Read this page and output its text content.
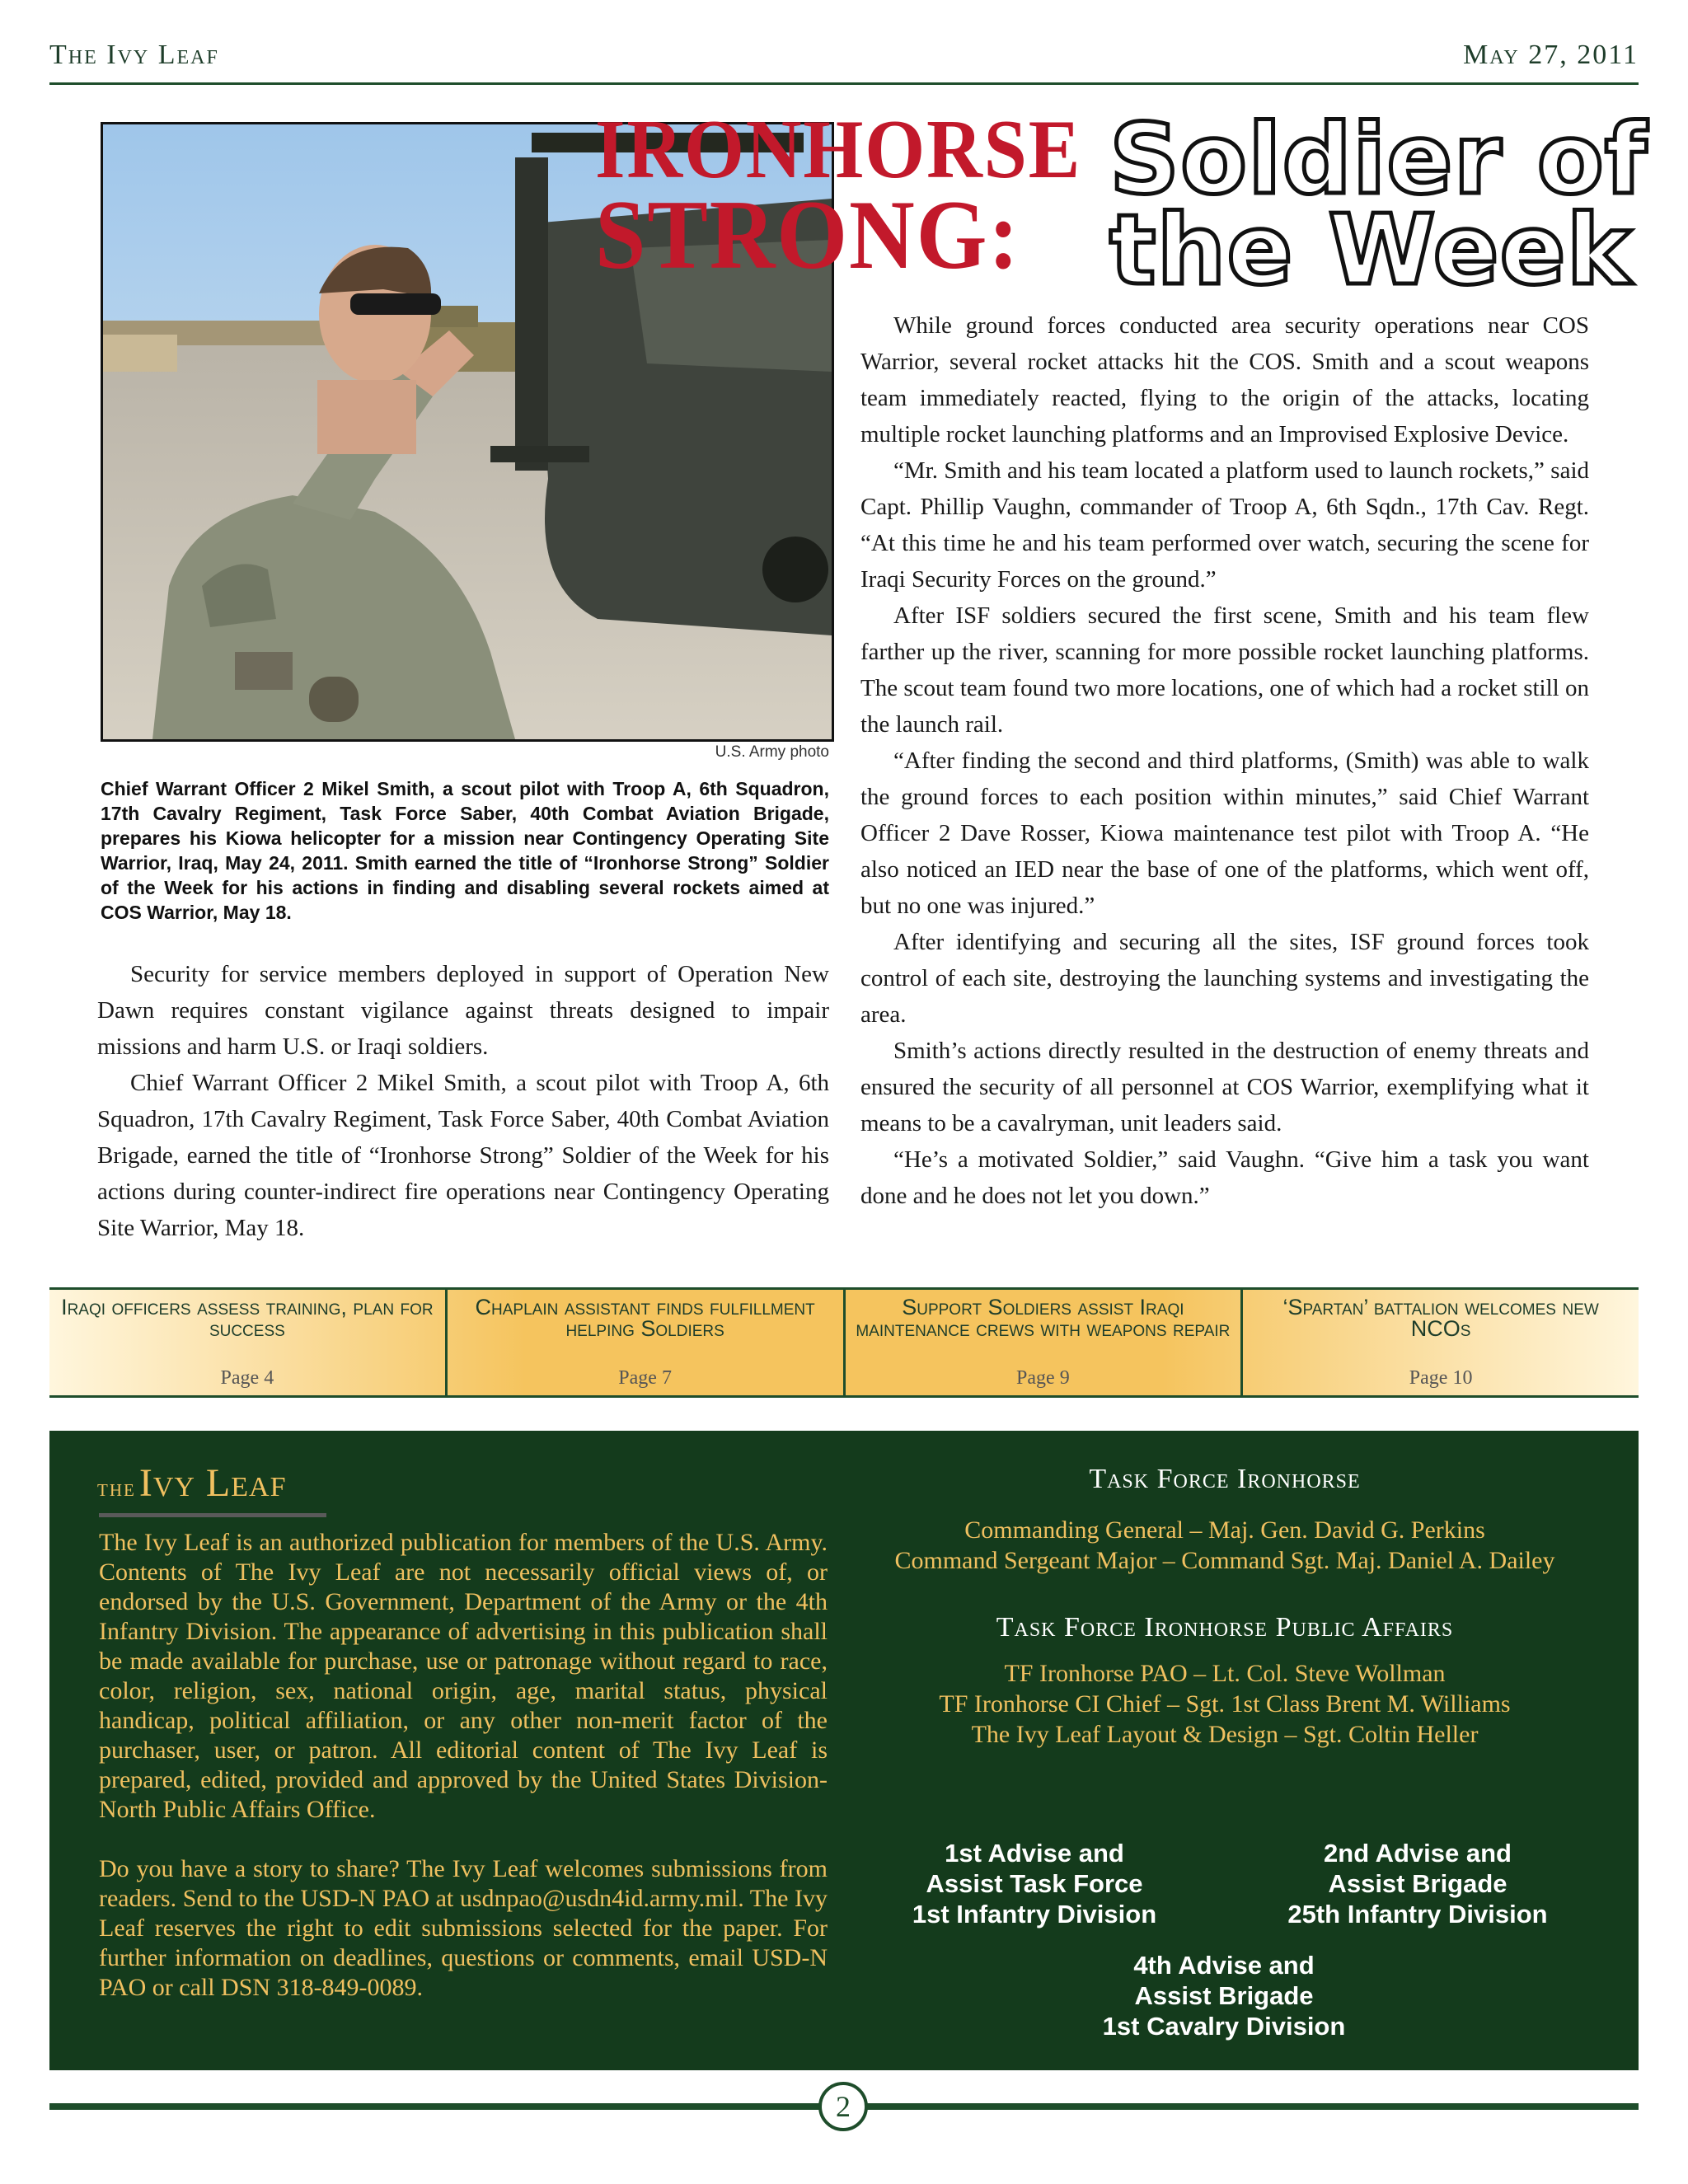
The Ivy Leaf	May 27, 2011
U.S. Army photo
Chief Warrant Officer 2 Mikel Smith, a scout pilot with Troop A, 6th Squadron, 17th Cavalry Regiment, Task Force Saber, 40th Combat Aviation Brigade, prepares his Kiowa helicopter for a mission near Contingency Operating Site Warrior, Iraq, May 24, 2011. Smith earned the title of “Ironhorse Strong” Soldier of the Week for his actions in finding and disabling several rockets aimed at COS Warrior, May 18.
IRONHORSE
STRONG:
Soldier of
the Week

Security for service members deployed in support of Operation New Dawn requires constant vigilance against threats designed to impair missions and harm U.S. or Iraqi soldiers.

Chief Warrant Officer 2 Mikel Smith, a scout pilot with Troop A, 6th Squadron, 17th Cavalry Regiment, Task Force Saber, 40th Combat Aviation Brigade, earned the title of “Ironhorse Strong” Soldier of the Week for his actions during counter-indirect fire operations near Contingency Operating Site Warrior, May 18.

While ground forces conducted area security operations near COS Warrior, several rocket attacks hit the COS. Smith and a scout weapons team immediately reacted, flying to the origin of the attacks, locating multiple rocket launching platforms and an Improvised Explosive Device.

“Mr. Smith and his team located a platform used to launch rockets,” said Capt. Phillip Vaughn, commander of Troop A, 6th Sqdn., 17th Cav. Regt. “At this time he and his team performed over watch, securing the scene for Iraqi Security Forces on the ground.”

After ISF soldiers secured the first scene, Smith and his team flew farther up the river, scanning for more possible rocket launching platforms. The scout team found two more locations, one of which had a rocket still on the launch rail.

“After finding the second and third platforms, (Smith) was able to walk the ground forces to each position within minutes,” said Chief Warrant Officer 2 Dave Rosser, Kiowa maintenance test pilot with Troop A. “He also noticed an IED near the base of one of the platforms, which went off, but no one was injured.”

After identifying and securing all the sites, ISF ground forces took control of each site, destroying the launching systems and investigating the area.

Smith’s actions directly resulted in the destruction of enemy threats and ensured the security of all personnel at COS Warrior, exemplifying what it means to be a cavalryman, unit leaders said.

“He’s a motivated Soldier,” said Vaughn. “Give him a task you want done and he does not let you down.”

Iraqi officers assess training, plan for success
Page 4
Chaplain assistant finds fulfillment helping Soldiers
Page 7
Support Soldiers assist Iraqi maintenance crews with weapons repair
Page 9
‘Spartan’ battalion welcomes new NCOs
Page 10
the Ivy Leaf

The Ivy Leaf is an authorized publication for members of the U.S. Army. Contents of The Ivy Leaf are not necessarily official views of, or endorsed by the U.S. Government, Department of the Army or the 4th Infantry Division. The appearance of advertising in this publication shall be made available for purchase, use or patronage without regard to race, color, religion, sex, national origin, age, marital status, physical handicap, political affiliation, or any other non-merit factor of the purchaser, user, or patron. All editorial content of The Ivy Leaf is prepared, edited, provided and approved by the United States Division-North Public Affairs Office.

Do you have a story to share? The Ivy Leaf welcomes submissions from readers. Send to the USD-N PAO at usdnpao@usdn4id.army.mil. The Ivy Leaf reserves the right to edit submissions selected for the paper. For further information on deadlines, questions or comments, email USD-N PAO or call DSN 318-849-0089.

Task Force Ironhorse
Commanding General – Maj. Gen. David G. Perkins
Command Sergeant Major – Command Sgt. Maj. Daniel A. Dailey
Task Force Ironhorse Public Affairs
TF Ironhorse PAO – Lt. Col. Steve Wollman
TF Ironhorse CI Chief – Sgt. 1st Class Brent M. Williams
The Ivy Leaf Layout & Design – Sgt. Coltin Heller
1st Advise and
Assist Task Force
1st Infantry Division
2nd Advise and
Assist Brigade
25th Infantry Division
4th Advise and
Assist Brigade
1st Cavalry Division
2
